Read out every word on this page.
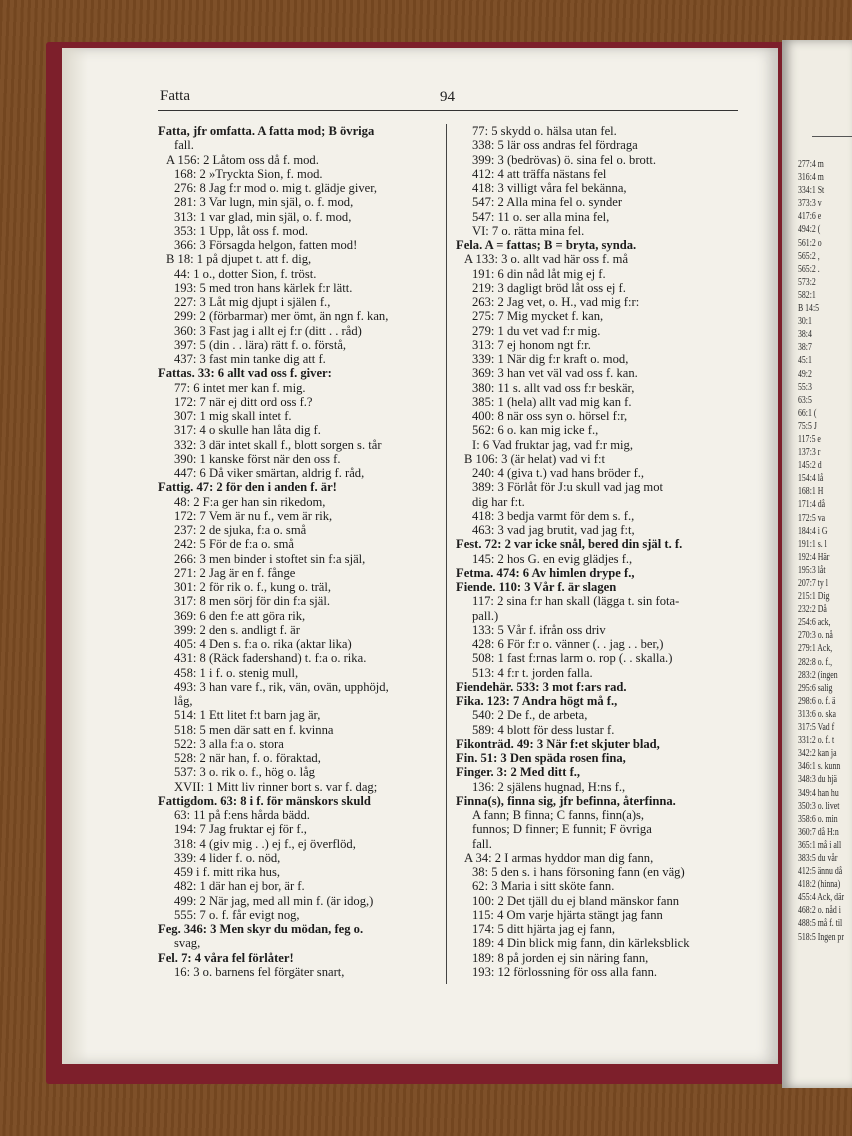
277:4 m
316:4 m
334:1 St
373:3 v
417:6 e
494:2 (
561:2 o
565:2 ,
565:2 .
573:2
582:1
B 14:5
30:1
38:4
38:7
45:1
49:2
55:3
63:5
66:1 (
75:5 J
117:5 e
137:3 r
145:2 d
154:4 lå
168:1 H
171:4 då
172:5 va
184:4 i G
191:1 s. l
192:4 Här
195:3 låt
207:7 ty l
215:1 Dig
232:2 Då
254:6 ack,
270:3 o. nå
279:1 Ack,
282:8 o. f.,
283:2 (ingen
295:6 salig
298:6 o. f. ä
313:6 o. ska
317:5 Vad f
331:2 o. f. t
342:2 kan ja
346:1 s. kunn
348:3 du hjä
349:4 han hu
350:3 o. livet
358:6 o. min
360:7 då H:n
365:1 må i all
383:5 du vår
412:5 ännu då
418:2 (hinna)
455:4 Ack, där
468:2 o. nåd i
488:5 må f. til
518:5 Ingen pr
Fatta	94
Fatta, jfr omfatta. A fatta mod; B övriga
fall.
A 156: 2 Låtom oss då f. mod.
168: 2 »Tryckta Sion, f. mod.
276: 8 Jag f:r mod o. mig t. glädje giver,
281: 3 Var lugn, min själ, o. f. mod,
313: 1 var glad, min själ, o. f. mod,
353: 1 Upp, låt oss f. mod.
366: 3 Försagda helgon, fatten mod!
B 18: 1 på djupet t. att f. dig,
44: 1 o., dotter Sion, f. tröst.
193: 5 med tron hans kärlek f:r lätt.
227: 3 Låt mig djupt i själen f.,
299: 2 (förbarmar) mer ömt, än ngn f. kan,
360: 3 Fast jag i allt ej f:r (ditt . . råd)
397: 5 (din . . lära) rätt f. o. förstå,
437: 3 fast min tanke dig att f.
Fattas. 33: 6 allt vad oss f. giver:
77: 6 intet mer kan f. mig.
172: 7 när ej ditt ord oss f.?
307: 1 mig skall intet f.
317: 4 o skulle han låta dig f.
332: 3 där intet skall f., blott sorgen s. tår
390: 1 kanske först när den oss f.
447: 6 Då viker smärtan, aldrig f. råd,
Fattig. 47: 2 för den i anden f. är!
48: 2 F:a ger han sin rikedom,
172: 7 Vem är nu f., vem är rik,
237: 2 de sjuka, f:a o. små
242: 5 För de f:a o. små
266: 3 men binder i stoftet sin f:a själ,
271: 2 Jag är en f. fånge
301: 2 för rik o. f., kung o. träl,
317: 8 men sörj för din f:a själ.
369: 6 den f:e att göra rik,
399: 2 den s. andligt f. är
405: 4 Den s. f:a o. rika (aktar lika)
431: 8 (Räck fadershand) t. f:a o. rika.
458: 1 i f. o. stenig mull,
493: 3 han vare f., rik, vän, ovän, upphöjd,
låg,
514: 1 Ett litet f:t barn jag är,
518: 5 men där satt en f. kvinna
522: 3 alla f:a o. stora
528: 2 när han, f. o. föraktad,
537: 3 o. rik o. f., hög o. låg
XVII: 1 Mitt liv rinner bort s. var f. dag;
Fattigdom. 63: 8 i f. för mänskors skuld
63: 11 på f:ens hårda bädd.
194: 7 Jag fruktar ej för f.,
318: 4 (giv mig . .) ej f., ej överflöd,
339: 4 lider f. o. nöd,
459 i f. mitt rika hus,
482: 1 där han ej bor, är f.
499: 2 När jag, med all min f. (är idog,)
555: 7 o. f. får evigt nog,
Feg. 346: 3 Men skyr du mödan, feg o.
svag,
Fel. 7: 4 våra fel förlåter!
16: 3 o. barnens fel förgäter snart,
77: 5 skydd o. hälsa utan fel.
338: 5 lär oss andras fel fördraga
399: 3 (bedrövas) ö. sina fel o. brott.
412: 4 att träffa nästans fel
418: 3 villigt våra fel bekänna,
547: 2 Alla mina fel o. synder
547: 11 o. ser alla mina fel,
VI: 7 o. rätta mina fel.
Fela. A = fattas; B = bryta, synda.
A 133: 3 o. allt vad här oss f. må
191: 6 din nåd låt mig ej f.
219: 3 dagligt bröd låt oss ej f.
263: 2 Jag vet, o. H., vad mig f:r:
275: 7 Mig mycket f. kan,
279: 1 du vet vad f:r mig.
313: 7 ej honom ngt f:r.
339: 1 När dig f:r kraft o. mod,
369: 3 han vet väl vad oss f. kan.
380: 11 s. allt vad oss f:r beskär,
385: 1 (hela) allt vad mig kan f.
400: 8 när oss syn o. hörsel f:r,
562: 6 o. kan mig icke f.,
I: 6 Vad fruktar jag, vad f:r mig,
B 106: 3 (är helat) vad vi f:t
240: 4 (giva t.) vad hans bröder f.,
389: 3 Förlåt för J:u skull vad jag mot
dig har f:t.
418: 3 bedja varmt för dem s. f.,
463: 3 vad jag brutit, vad jag f:t,
Fest. 72: 2 var icke snål, bered din själ t. f.
145: 2 hos G. en evig glädjes f.,
Fetma. 474: 6 Av himlen drype f.,
Fiende. 110: 3 Vår f. är slagen
117: 2 sina f:r han skall (lägga t. sin fota-
pall.)
133: 5 Vår f. ifrån oss driv
428: 6 För f:r o. vänner (. . jag . . ber,)
508: 1 fast f:rnas larm o. rop (. . skalla.)
513: 4 f:r t. jorden falla.
Fiendehär. 533: 3 mot f:ars rad.
Fika. 123: 7 Andra högt må f.,
540: 2 De f., de arbeta,
589: 4 blott för dess lustar f.
Fikonträd. 49: 3 När f:et skjuter blad,
Fin. 51: 3 Den späda rosen fina,
Finger. 3: 2 Med ditt f.,
136: 2 själens hugnad, H:ns f.,
Finna(s), finna sig, jfr befinna, återfinna.
A fann; B finna; C fanns, finn(a)s,
funnos; D finner; E funnit; F övriga
fall.
A 34: 2 I armas hyddor man dig fann,
38: 5 den s. i hans försoning fann (en väg)
62: 3 Maria i sitt sköte fann.
100: 2 Det tjäll du ej bland mänskor fann
115: 4 Om varje hjärta stängt jag fann
174: 5 ditt hjärta jag ej fann,
189: 4 Din blick mig fann, din kärleksblick
189: 8 på jorden ej sin näring fann,
193: 12 förlossning för oss alla fann.
